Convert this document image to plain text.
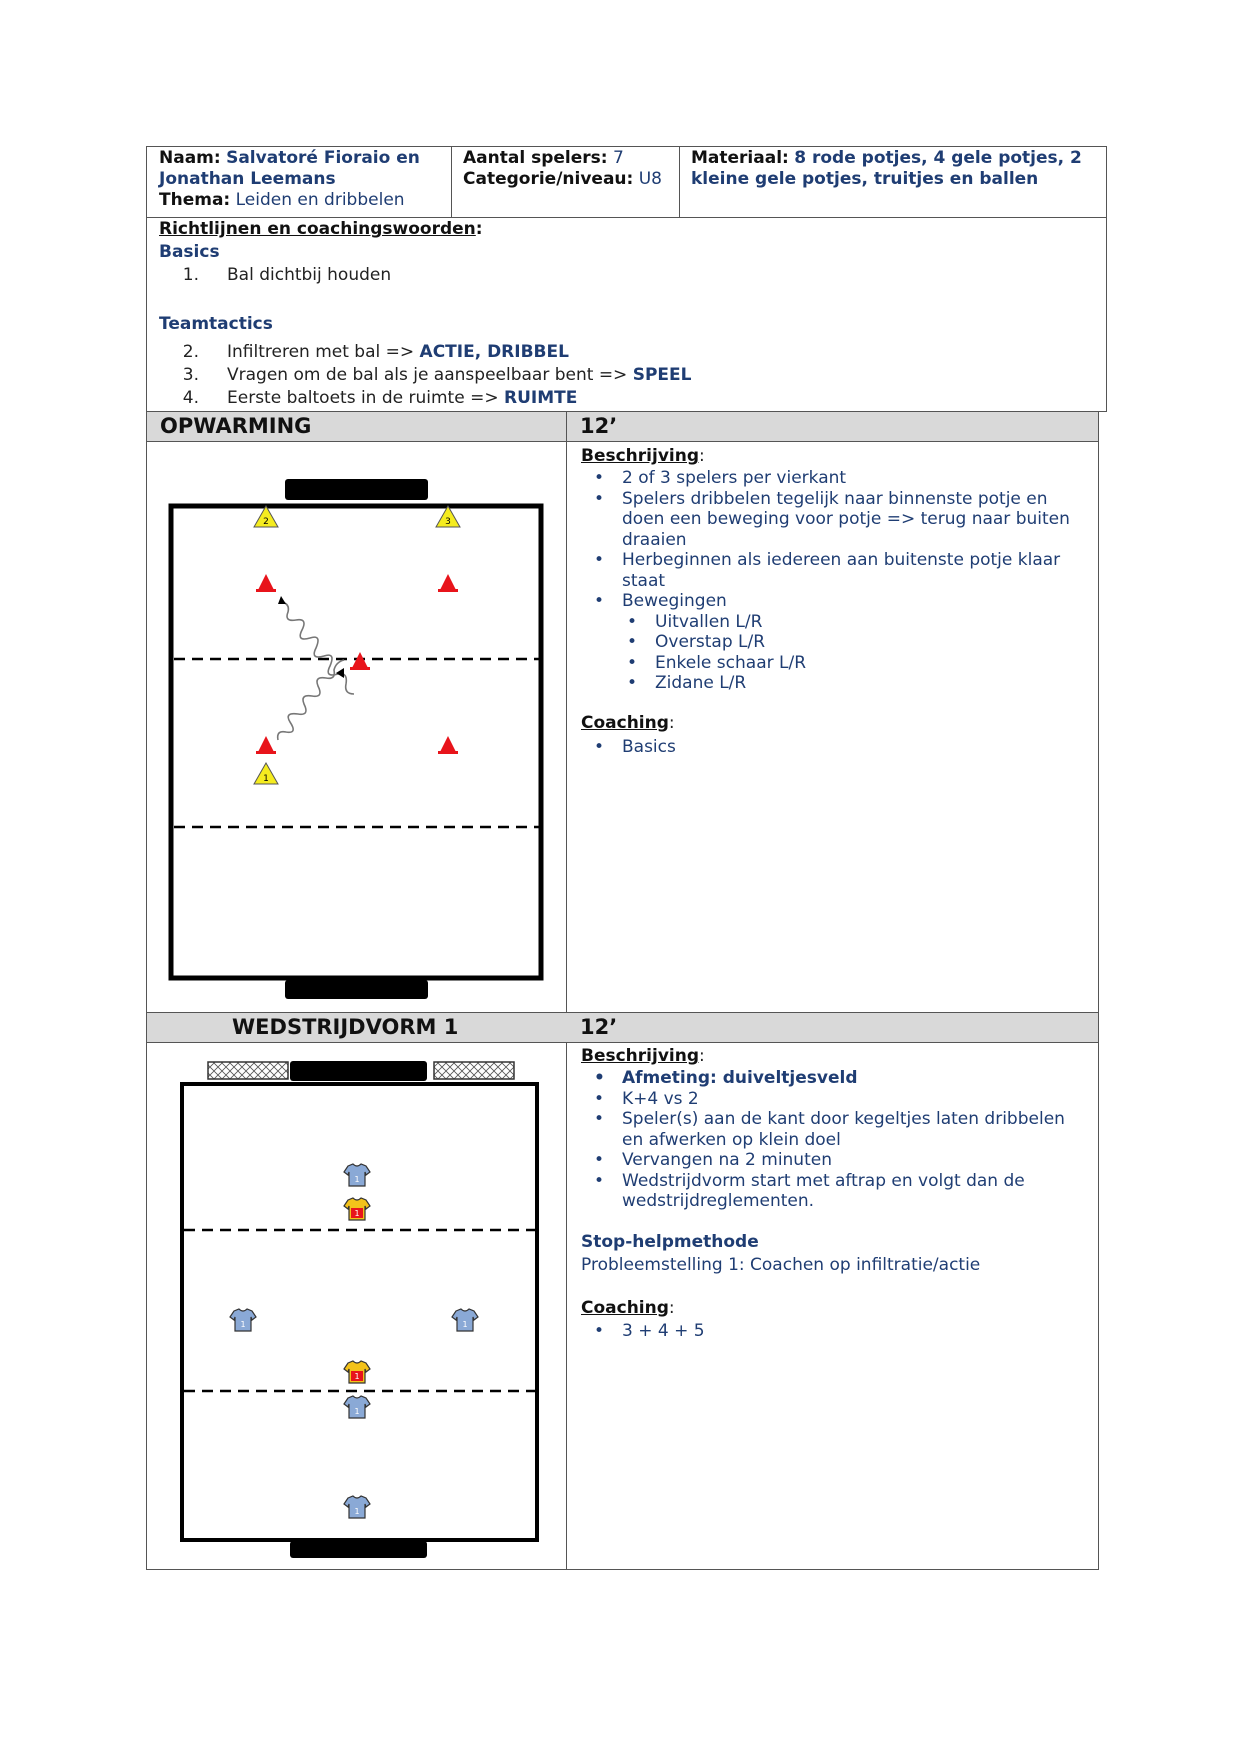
Naam: Salvatoré Fioraio en Jonathan Leemans
Thema: Leiden en dribbelen
Aantal spelers: 7
Categorie/niveau: U8
Materiaal: 8 rode potjes, 4 gele potjes, 2 kleine gele potjes, truitjes en ballen
Richtlijnen en coachingswoorden:
Basics
1. Bal dichtbij houden
Teamtactics
2. Infiltreren met bal => ACTIE, DRIBBEL
3. Vragen om de bal als je aanspeelbaar bent => SPEEL
4. Eerste baltoets in de ruimte => RUIMTE
OPWARMING	12’
2	3
1
Beschrijving:
• 2 of 3 spelers per vierkant
• Spelers dribbelen tegelijk naar binnenste potje en doen een beweging voor potje => terug naar buiten draaien
• Herbeginnen als iedereen aan buitenste potje klaar staat
• Bewegingen
• Uitvallen L/R
• Overstap L/R
• Enkele schaar L/R
• Zidane L/R
Coaching:
• Basics
WEDSTRIJDVORM 1	12’
1
1
1	1
1
1
1
Beschrijving:
• Afmeting: duiveltjesveld
• K+4 vs 2
• Speler(s) aan de kant door kegeltjes laten dribbelen en afwerken op klein doel
• Vervangen na 2 minuten
• Wedstrijdvorm start met aftrap en volgt dan de wedstrijdreglementen.
Stop-helpmethode
Probleemstelling 1: Coachen op infiltratie/actie
Coaching:
• 3 + 4 + 5
